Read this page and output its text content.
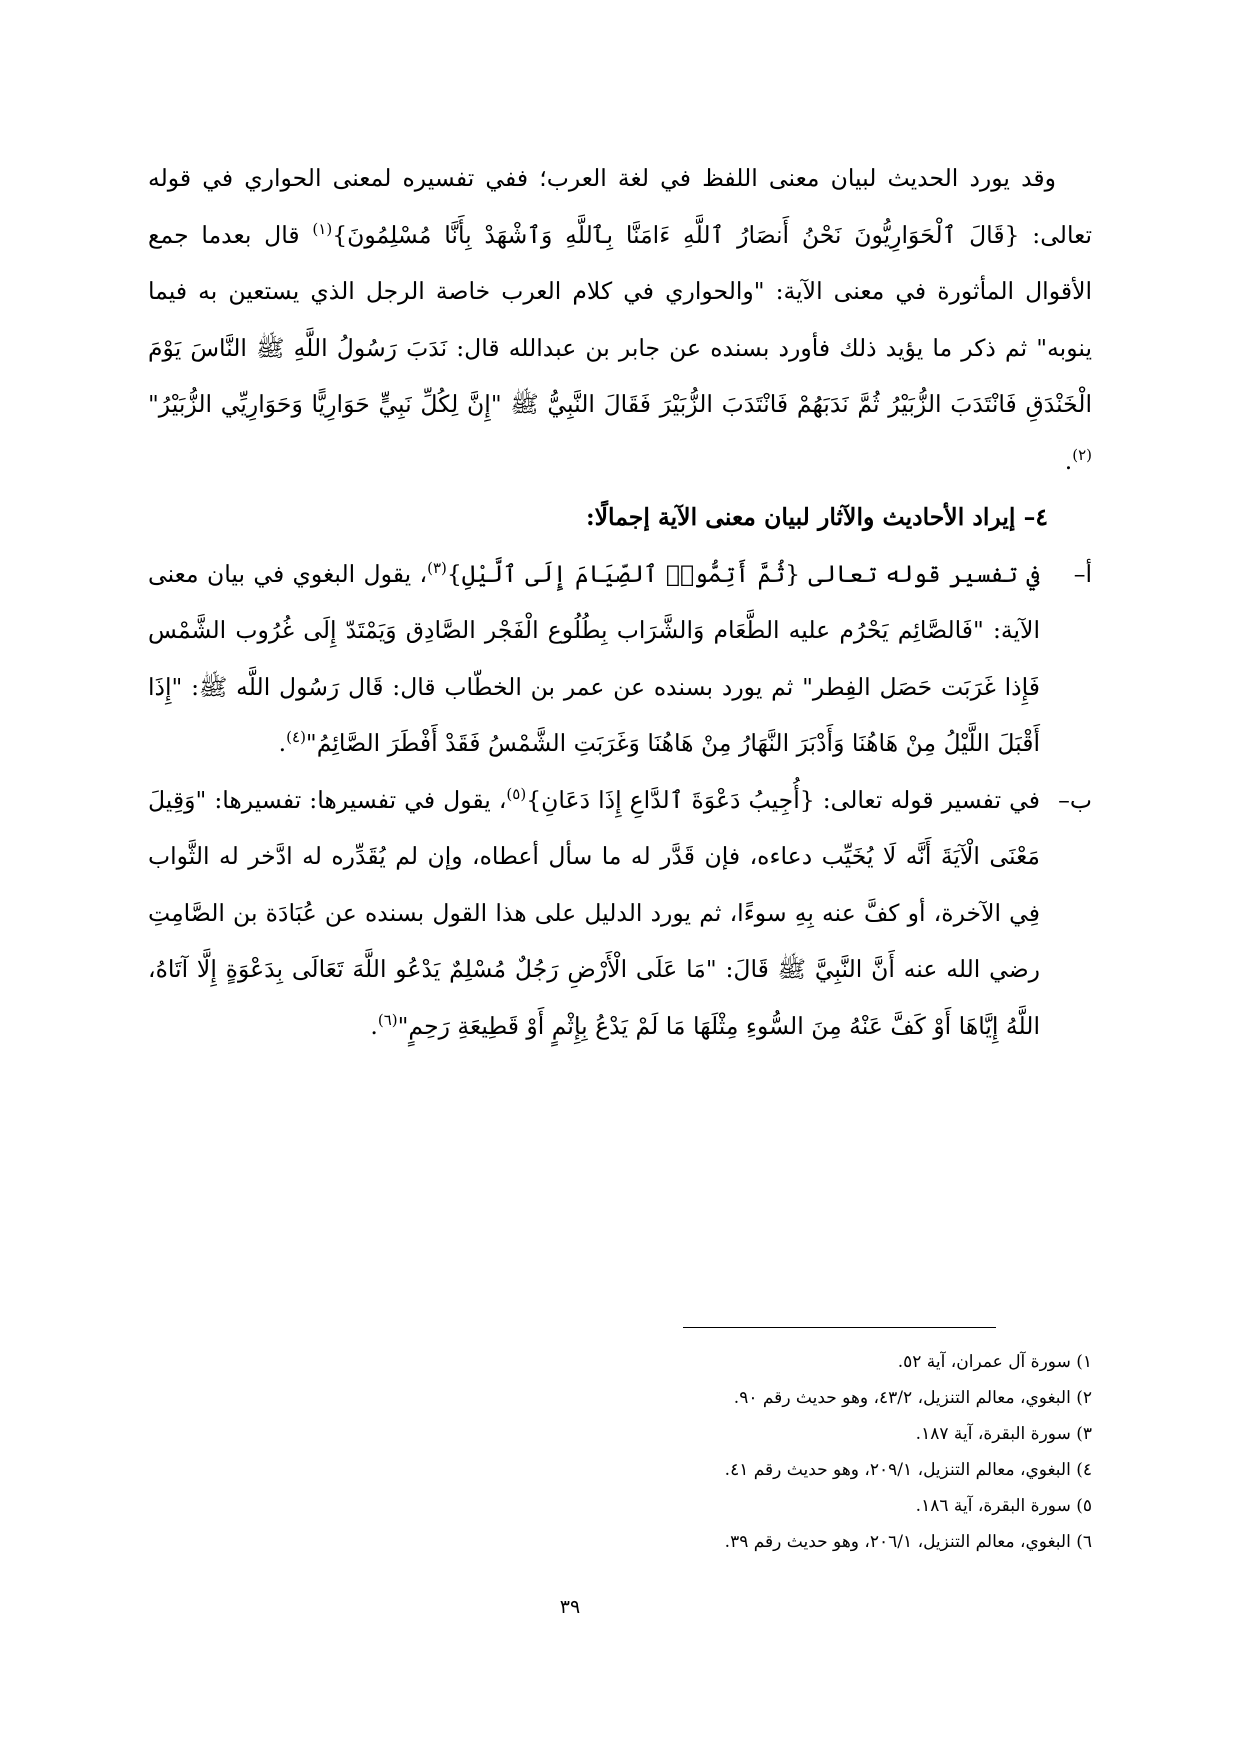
وقد يورد الحديث لبيان معنى اللفظ في لغة العرب؛ ففي تفسيره لمعنى الحواري في قوله تعالى: {قَالَ ٱلْحَوَارِيُّونَ نَحْنُ أَنصَارُ ٱللَّهِ ءَامَنَّا بِٱللَّهِ وَٱشْهَدْ بِأَنَّا مُسْلِمُونَ}$^{(١)}$ قال بعدما جمع الأقوال المأثورة في معنى الآية: "والحواري في كلام العرب خاصة الرجل الذي يستعين به فيما ينوبه" ثم ذكر ما يؤيد ذلك فأورد بسنده عن جابر بن عبدالله قال: نَدَبَ رَسُولُ اللَّهِ ﷺ النَّاسَ يَوْمَ الْخَنْدَقِ فَانْتَدَبَ الزُّبَيْرُ ثُمَّ نَدَبَهُمْ فَانْتَدَبَ الزُّبَيْرَ فَقَالَ النَّبِيُّ ﷺ "إِنَّ لِكُلِّ نَبِيٍّ حَوَارِيًّا وَحَوَارِيِّي الزُّبَيْرُ"$^{(٢)}$.

٤– إيراد الأحاديث والآثار لبيان معنى الآية إجمالًا:

أ–
في تفسير قوله تعالى {ثُمَّ أَتِمُّوا۟ ٱلصِّيَامَ إِلَى ٱلَّيْلِ}$^{(٣)}$، يقول البغوي في بيان معنى الآية: "فَالصَّائِم يَحْرُم عليه الطَّعَام وَالشَّرَاب بِطُلُوع الْفَجْر الصَّادِق وَيَمْتَدّ إِلَى غُرُوب الشَّمْس فَإِذا غَرَبَت حَصَل الفِطر" ثم يورد بسنده عن عمر بن الخطّاب قال: قَال رَسُول اللَّه ﷺ: "إِذَا أَقْبَلَ اللَّيْلُ مِنْ هَاهُنَا وَأَدْبَرَ النَّهَارُ مِنْ هَاهُنَا وَغَرَبَتِ الشَّمْسُ فَقَدْ أَفْطَرَ الصَّائِمُ"$^{(٤)}$.

ب–
في تفسير قوله تعالى: {أُجِيبُ دَعْوَةَ ٱلدَّاعِ إِذَا دَعَانِ}$^{(٥)}$، يقول في تفسيرها: تفسيرها: "وَقِيلَ مَعْنَى الْآيَةَ أَنَّه لَا يُخَيِّب دعاءه، فإن قَدَّر له ما سأل أعطاه، وإن لم يُقَدِّره له ادَّخر له الثَّواب فِي الآخرة، أو كفَّ عنه بِهِ سوءًا، ثم يورد الدليل على هذا القول بسنده عن عُبَادَة بن الصَّامِتِ رضي الله عنه أَنَّ النَّبِيَّ ﷺ قَالَ: "مَا عَلَى الْأَرْضِ رَجُلٌ مُسْلِمٌ يَدْعُو اللَّهَ تَعَالَى بِدَعْوَةٍ إِلَّا آتَاهُ، اللَّهُ إِيَّاهَا أَوْ كَفَّ عَنْهُ مِنَ السُّوءِ مِثْلَهَا مَا لَمْ يَدْعُ بِإِثْمٍ أَوْ قَطِيعَةِ رَحِمٍ"$^{(٦)}$.

١) سورة آل عمران، آية ٥٢.

٢) البغوي، معالم التنزيل، ٤٣/٢، وهو حديث رقم ٩٠.

٣) سورة البقرة، آية ١٨٧.

٤) البغوي، معالم التنزيل، ٢٠٩/١، وهو حديث رقم ٤١.

٥) سورة البقرة، آية ١٨٦.

٦) البغوي، معالم التنزيل، ٢٠٦/١، وهو حديث رقم ٣٩.

٣٩
